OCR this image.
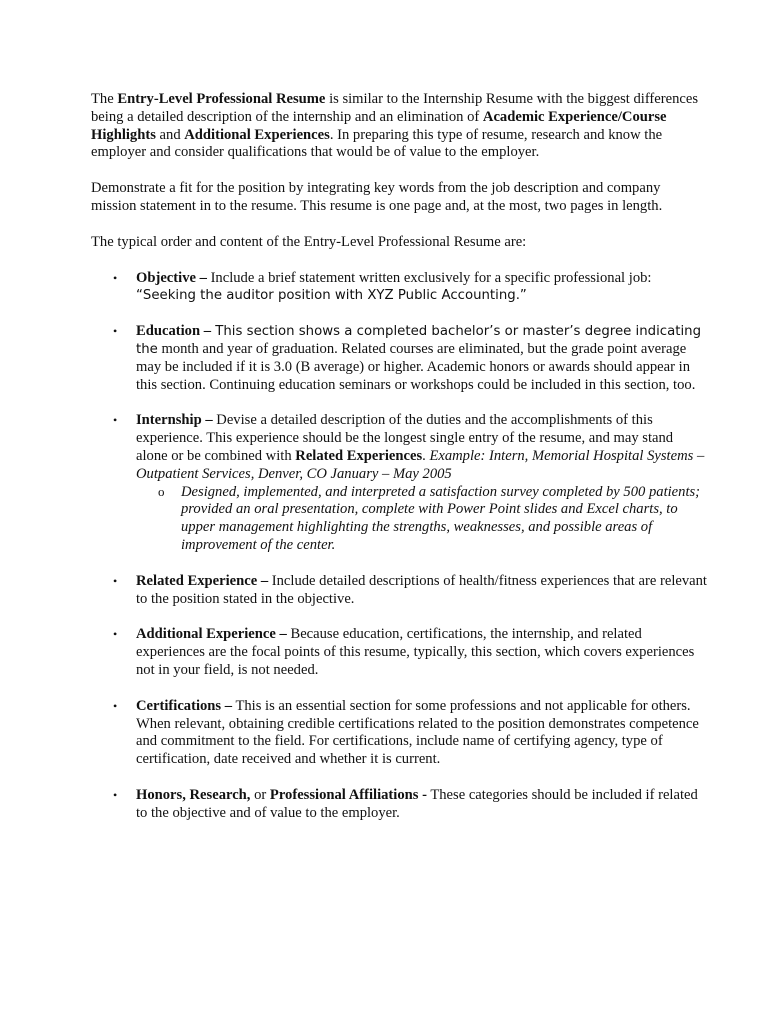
The Entry-Level Professional Resume is similar to the Internship Resume with the biggest differences being a detailed description of the internship and an elimination of Academic Experience/Course Highlights and Additional Experiences. In preparing this type of resume, research and know the employer and consider qualifications that would be of value to the employer.

Demonstrate a fit for the position by integrating key words from the job description and company mission statement in to the resume. This resume is one page and, at the most, two pages in length.

The typical order and content of the Entry-Level Professional Resume are:

• Objective – Include a brief statement written exclusively for a specific professional job: “Seeking the auditor position with XYZ Public Accounting.”
• Education – This section shows a completed bachelor’s or master’s degree indicating the month and year of graduation. Related courses are eliminated, but the grade point average may be included if it is 3.0 (B average) or higher. Academic honors or awards should appear in this section. Continuing education seminars or workshops could be included in this section, too.
• Internship – Devise a detailed description of the duties and the accomplishments of this experience. This experience should be the longest single entry of the resume, and may stand alone or be combined with Related Experiences. Example: Intern, Memorial Hospital Systems – Outpatient Services, Denver, CO January – May 2005
o Designed, implemented, and interpreted a satisfaction survey completed by 500 patients; provided an oral presentation, complete with Power Point slides and Excel charts, to upper management highlighting the strengths, weaknesses, and possible areas of improvement of the center.
• Related Experience – Include detailed descriptions of health/fitness experiences that are relevant to the position stated in the objective.
• Additional Experience – Because education, certifications, the internship, and related experiences are the focal points of this resume, typically, this section, which covers experiences not in your field, is not needed.
• Certifications – This is an essential section for some professions and not applicable for others. When relevant, obtaining credible certifications related to the position demonstrates competence and commitment to the field. For certifications, include name of certifying agency, type of certification, date received and whether it is current.
• Honors, Research, or Professional Affiliations - These categories should be included if related to the objective and of value to the employer.
